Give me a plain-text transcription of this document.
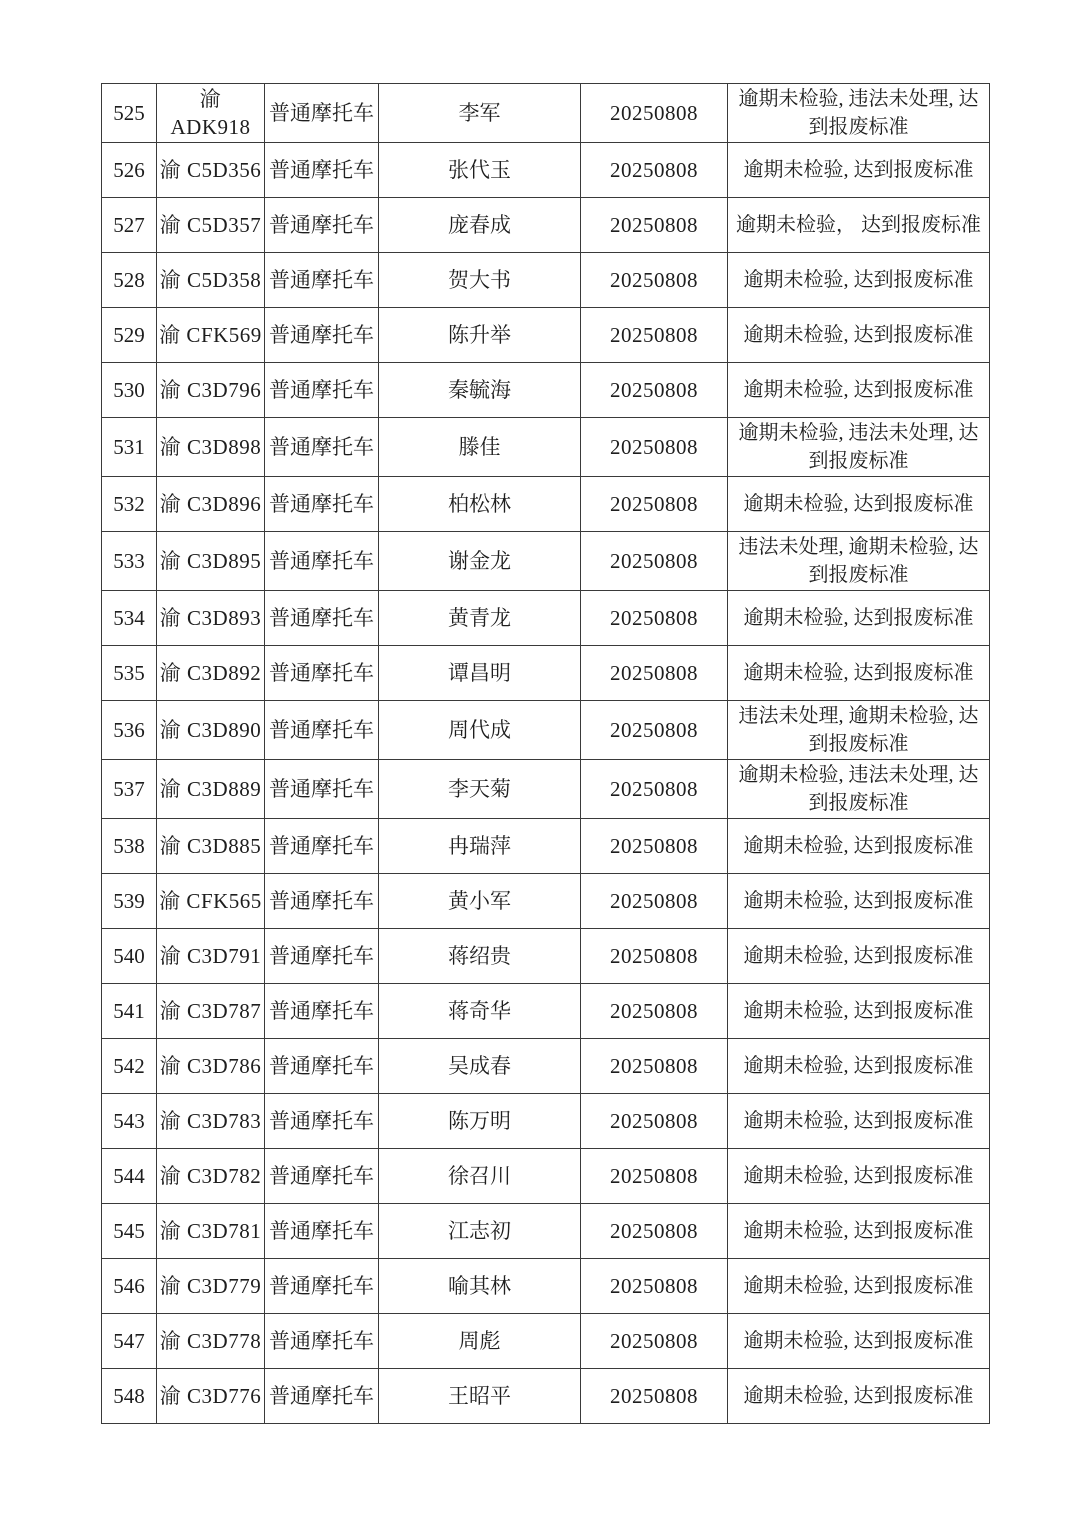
525	渝 ADK918	普通摩托车	李军	20250808	逾期未检验, 违法未处理, 达到报废标准
526	渝 C5D356	普通摩托车	张代玉	20250808	逾期未检验, 达到报废标准
527	渝 C5D357	普通摩托车	庞春成	20250808	逾期未检验， 达到报废标准
528	渝 C5D358	普通摩托车	贺大书	20250808	逾期未检验, 达到报废标准
529	渝 CFK569	普通摩托车	陈升举	20250808	逾期未检验, 达到报废标准
530	渝 C3D796	普通摩托车	秦毓海	20250808	逾期未检验, 达到报废标准
531	渝 C3D898	普通摩托车	滕佳	20250808	逾期未检验, 违法未处理, 达到报废标准
532	渝 C3D896	普通摩托车	柏松林	20250808	逾期未检验, 达到报废标准
533	渝 C3D895	普通摩托车	谢金龙	20250808	违法未处理, 逾期未检验, 达到报废标准
534	渝 C3D893	普通摩托车	黄青龙	20250808	逾期未检验, 达到报废标准
535	渝 C3D892	普通摩托车	谭昌明	20250808	逾期未检验, 达到报废标准
536	渝 C3D890	普通摩托车	周代成	20250808	违法未处理, 逾期未检验, 达到报废标准
537	渝 C3D889	普通摩托车	李天菊	20250808	逾期未检验, 违法未处理, 达到报废标准
538	渝 C3D885	普通摩托车	冉瑞萍	20250808	逾期未检验, 达到报废标准
539	渝 CFK565	普通摩托车	黄小军	20250808	逾期未检验, 达到报废标准
540	渝 C3D791	普通摩托车	蒋绍贵	20250808	逾期未检验, 达到报废标准
541	渝 C3D787	普通摩托车	蒋奇华	20250808	逾期未检验, 达到报废标准
542	渝 C3D786	普通摩托车	吴成春	20250808	逾期未检验, 达到报废标准
543	渝 C3D783	普通摩托车	陈万明	20250808	逾期未检验, 达到报废标准
544	渝 C3D782	普通摩托车	徐召川	20250808	逾期未检验, 达到报废标准
545	渝 C3D781	普通摩托车	江志初	20250808	逾期未检验, 达到报废标准
546	渝 C3D779	普通摩托车	喻其林	20250808	逾期未检验, 达到报废标准
547	渝 C3D778	普通摩托车	周彪	20250808	逾期未检验, 达到报废标准
548	渝 C3D776	普通摩托车	王昭平	20250808	逾期未检验, 达到报废标准
